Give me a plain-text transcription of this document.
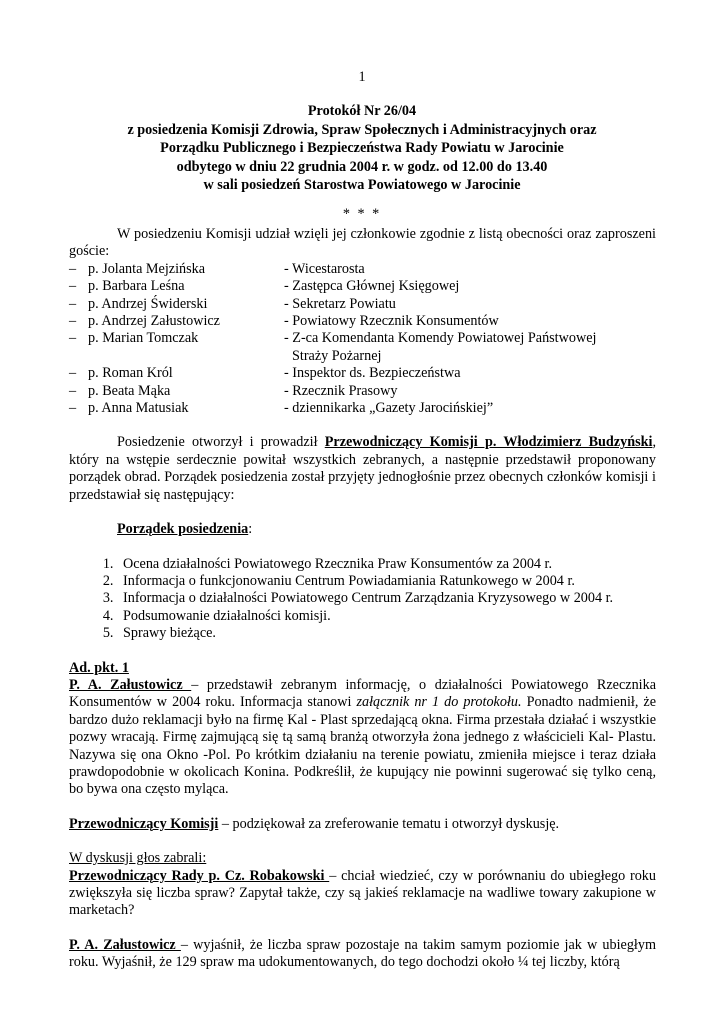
1
Protokół Nr 26/04
z posiedzenia Komisji Zdrowia, Spraw Społecznych i Administracyjnych oraz
Porządku Publicznego i Bezpieczeństwa Rady Powiatu w Jarocinie
odbytego w dniu 22 grudnia 2004 r. w godz. od 12.00 do 13.40
w sali posiedzeń Starostwa Powiatowego w Jarocinie
* * *

W posiedzeniu Komisji udział wzięli jej członkowie zgodnie z listą obecności oraz zaproszeni goście:

– p. Jolanta Mejzińska	- Wicestarosta
– p. Barbara Leśna	- Zastępca Głównej Księgowej
– p. Andrzej Świderski	- Sekretarz Powiatu
– p. Andrzej Załustowicz	- Powiatowy Rzecznik Konsumentów
– p. Marian Tomczak	- Z-ca Komendanta Komendy Powiatowej Państwowej
Straży Pożarnej
– p. Roman Król	- Inspektor ds. Bezpieczeństwa
– p. Beata Mąka	- Rzecznik Prasowy
– p. Anna Matusiak	- dziennikarka „Gazety Jarocińskiej”

Posiedzenie otworzył i prowadził Przewodniczący Komisji p. Włodzimierz Budzyński, który na wstępie serdecznie powitał wszystkich zebranych, a następnie przedstawił proponowany porządek obrad. Porządek posiedzenia został przyjęty jednogłośnie przez obecnych członków komisji i przedstawiał się następujący:

Porządek posiedzenia:
1. Ocena działalności Powiatowego Rzecznika Praw Konsumentów za 2004 r.
2. Informacja o funkcjonowaniu Centrum Powiadamiania Ratunkowego w 2004 r.
3. Informacja o działalności Powiatowego Centrum Zarządzania Kryzysowego w 2004 r.
4. Podsumowanie działalności komisji.
5. Sprawy bieżące.
Ad. pkt. 1

P. A. Załustowicz – przedstawił zebranym informację, o działalności Powiatowego Rzecznika Konsumentów w 2004 roku. Informacja stanowi załącznik nr 1 do protokołu. Ponadto nadmienił, że bardzo dużo reklamacji było na firmę Kal - Plast sprzedającą okna. Firma przestała działać i wszystkie pozwy wracają. Firmę zajmującą się tą samą branżą otworzyła żona jednego z właścicieli Kal- Plastu. Nazywa się ona Okno -Pol. Po krótkim działaniu na terenie powiatu, zmieniła miejsce i teraz działa prawdopodobnie w okolicach Konina. Podkreślił, że kupujący nie powinni sugerować się tylko ceną, bo bywa ona często myląca.

Przewodniczący Komisji – podziękował za zreferowanie tematu i otworzył dyskusję.

W dyskusji głos zabrali:

Przewodniczący Rady p. Cz. Robakowski – chciał wiedzieć, czy w porównaniu do ubiegłego roku zwiększyła się liczba spraw? Zapytał także, czy są jakieś reklamacje na wadliwe towary zakupione w marketach?

P. A. Załustowicz – wyjaśnił, że liczba spraw pozostaje na takim samym poziomie jak w ubiegłym roku. Wyjaśnił, że 129 spraw ma udokumentowanych, do tego dochodzi około ¼ tej liczby, którą
